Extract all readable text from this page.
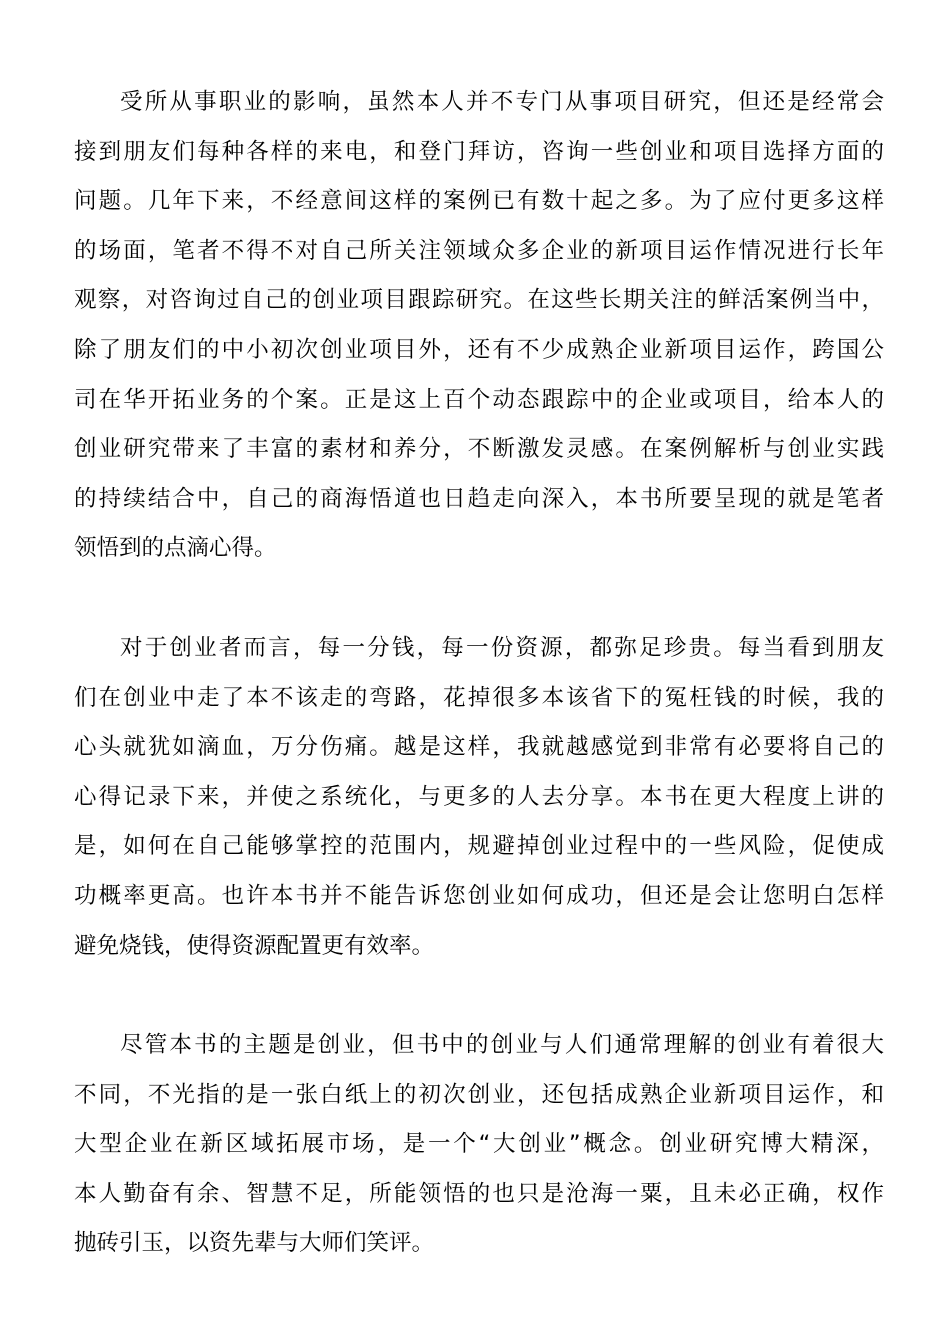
受所从事职业的影响，虽然本人并不专门从事项目研究，但还是经常会
接到朋友们每种各样的来电，和登门拜访，咨询一些创业和项目选择方面的
问题。几年下来，不经意间这样的案例已有数十起之多。为了应付更多这样
的场面，笔者不得不对自己所关注领域众多企业的新项目运作情况进行长年
观察，对咨询过自己的创业项目跟踪研究。在这些长期关注的鲜活案例当中，
除了朋友们的中小初次创业项目外，还有不少成熟企业新项目运作，跨国公
司在华开拓业务的个案。正是这上百个动态跟踪中的企业或项目，给本人的
创业研究带来了丰富的素材和养分，不断激发灵感。在案例解析与创业实践
的持续结合中，自己的商海悟道也日趋走向深入，本书所要呈现的就是笔者
领悟到的点滴心得。
对于创业者而言，每一分钱，每一份资源，都弥足珍贵。每当看到朋友
们在创业中走了本不该走的弯路，花掉很多本该省下的冤枉钱的时候，我的
心头就犹如滴血，万分伤痛。越是这样，我就越感觉到非常有必要将自己的
心得记录下来，并使之系统化，与更多的人去分享。本书在更大程度上讲的
是，如何在自己能够掌控的范围内，规避掉创业过程中的一些风险，促使成
功概率更高。也许本书并不能告诉您创业如何成功，但还是会让您明白怎样
避免烧钱，使得资源配置更有效率。
尽管本书的主题是创业，但书中的创业与人们通常理解的创业有着很大
不同，不光指的是一张白纸上的初次创业，还包括成熟企业新项目运作，和
大型企业在新区域拓展市场，是一个“大创业”概念。创业研究博大精深，
本人勤奋有余、智慧不足，所能领悟的也只是沧海一粟，且未必正确，权作
抛砖引玉，以资先辈与大师们笑评。
